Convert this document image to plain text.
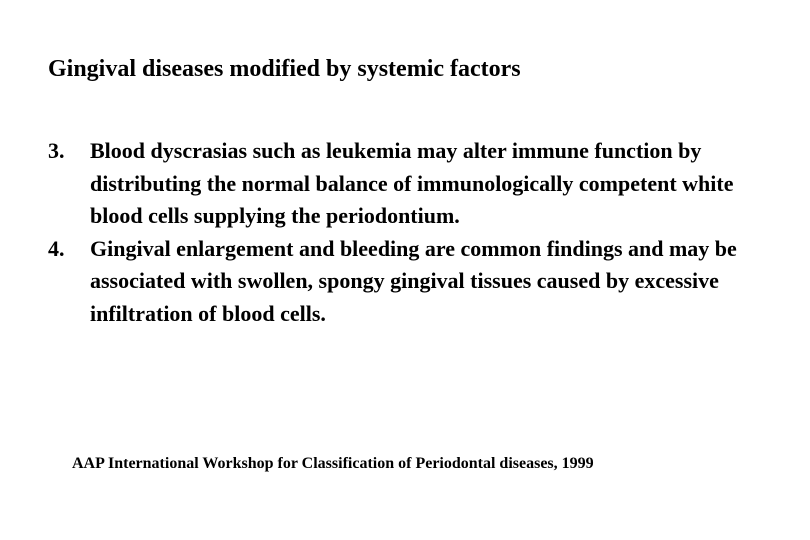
Gingival diseases modified by systemic factors
3. Blood dyscrasias such as leukemia may alter immune function by distributing the normal balance of immunologically competent white blood cells supplying the periodontium.
4. Gingival enlargement and bleeding are common findings and may be associated with swollen, spongy gingival tissues caused by excessive infiltration of blood cells.
AAP International Workshop for Classification of Periodontal diseases, 1999
